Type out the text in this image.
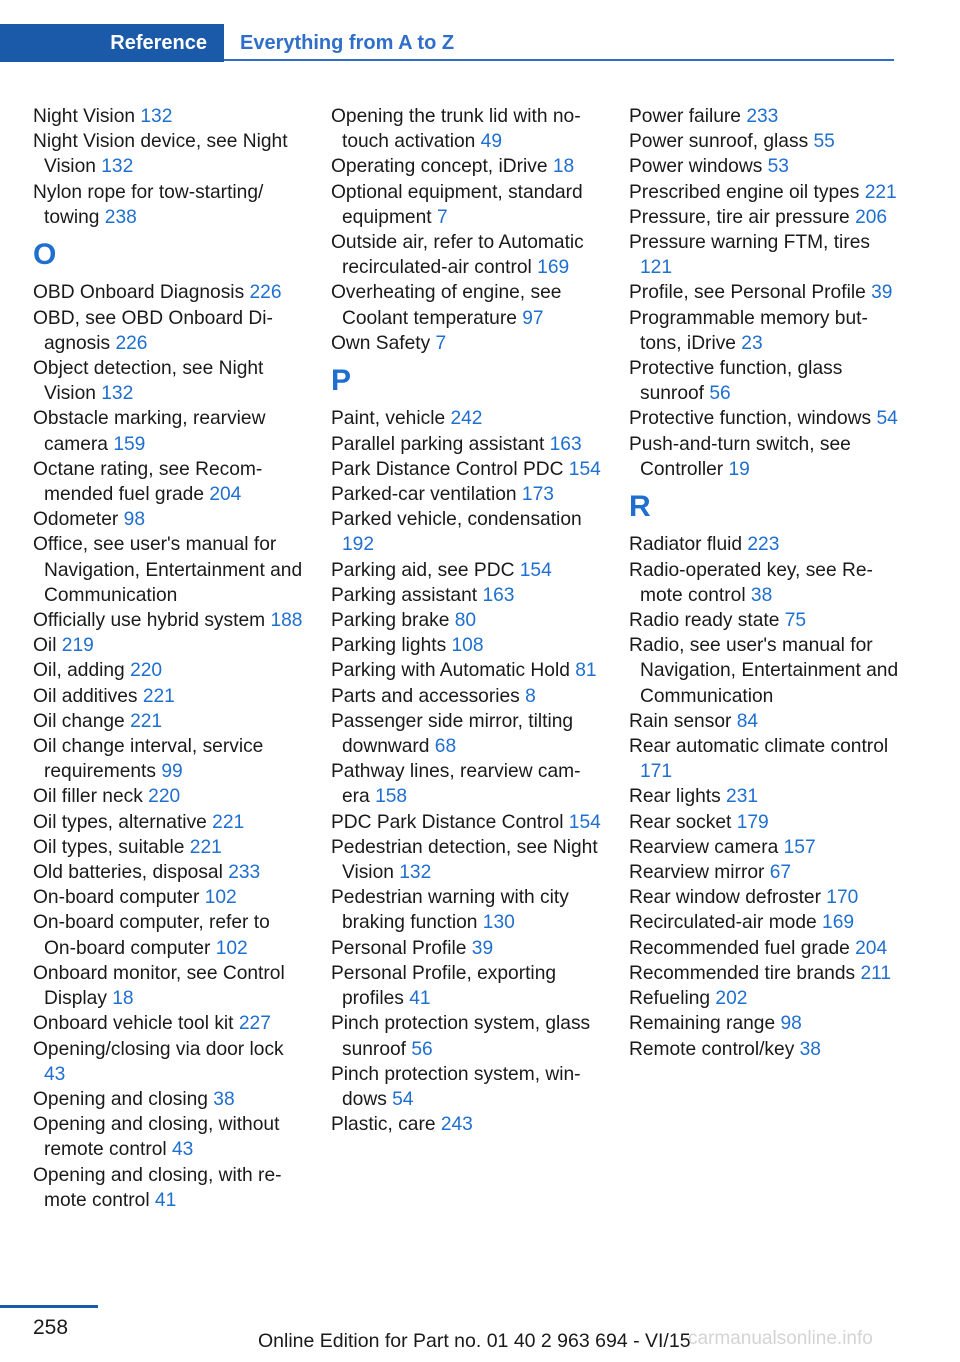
Reference	Everything from A to Z
Night Vision 132
Night Vision device, see Night Vision 132
Nylon rope for tow-starting/ towing 238
O
OBD Onboard Diagnosis 226
OBD, see OBD Onboard Diagnosis 226
Object detection, see Night Vision 132
Obstacle marking, rearview camera 159
Octane rating, see Recommended fuel grade 204
Odometer 98
Office, see user's manual for Navigation, Entertainment and Communication
Officially use hybrid system 188
Oil 219
Oil, adding 220
Oil additives 221
Oil change 221
Oil change interval, service requirements 99
Oil filler neck 220
Oil types, alternative 221
Oil types, suitable 221
Old batteries, disposal 233
On-board computer 102
On-board computer, refer to On-board computer 102
Onboard monitor, see Control Display 18
Onboard vehicle tool kit 227
Opening/closing via door lock 43
Opening and closing 38
Opening and closing, without remote control 43
Opening and closing, with remote control 41
Opening the trunk lid with no-touch activation 49
Operating concept, iDrive 18
Optional equipment, standard equipment 7
Outside air, refer to Automatic recirculated-air control 169
Overheating of engine, see Coolant temperature 97
Own Safety 7
P
Paint, vehicle 242
Parallel parking assistant 163
Park Distance Control PDC 154
Parked-car ventilation 173
Parked vehicle, condensation 192
Parking aid, see PDC 154
Parking assistant 163
Parking brake 80
Parking lights 108
Parking with Automatic Hold 81
Parts and accessories 8
Passenger side mirror, tilting downward 68
Pathway lines, rearview camera 158
PDC Park Distance Control 154
Pedestrian detection, see Night Vision 132
Pedestrian warning with city braking function 130
Personal Profile 39
Personal Profile, exporting profiles 41
Pinch protection system, glass sunroof 56
Pinch protection system, windows 54
Plastic, care 243
Power failure 233
Power sunroof, glass 55
Power windows 53
Prescribed engine oil types 221
Pressure, tire air pressure 206
Pressure warning FTM, tires 121
Profile, see Personal Profile 39
Programmable memory buttons, iDrive 23
Protective function, glass sunroof 56
Protective function, windows 54
Push-and-turn switch, see Controller 19
R
Radiator fluid 223
Radio-operated key, see Remote control 38
Radio ready state 75
Radio, see user's manual for Navigation, Entertainment and Communication
Rain sensor 84
Rear automatic climate control 171
Rear lights 231
Rear socket 179
Rearview camera 157
Rearview mirror 67
Rear window defroster 170
Recirculated-air mode 169
Recommended fuel grade 204
Recommended tire brands 211
Refueling 202
Remaining range 98
Remote control/key 38
258
Online Edition for Part no. 01 40 2 963 694 - VI/15
carmanualsonline.info
